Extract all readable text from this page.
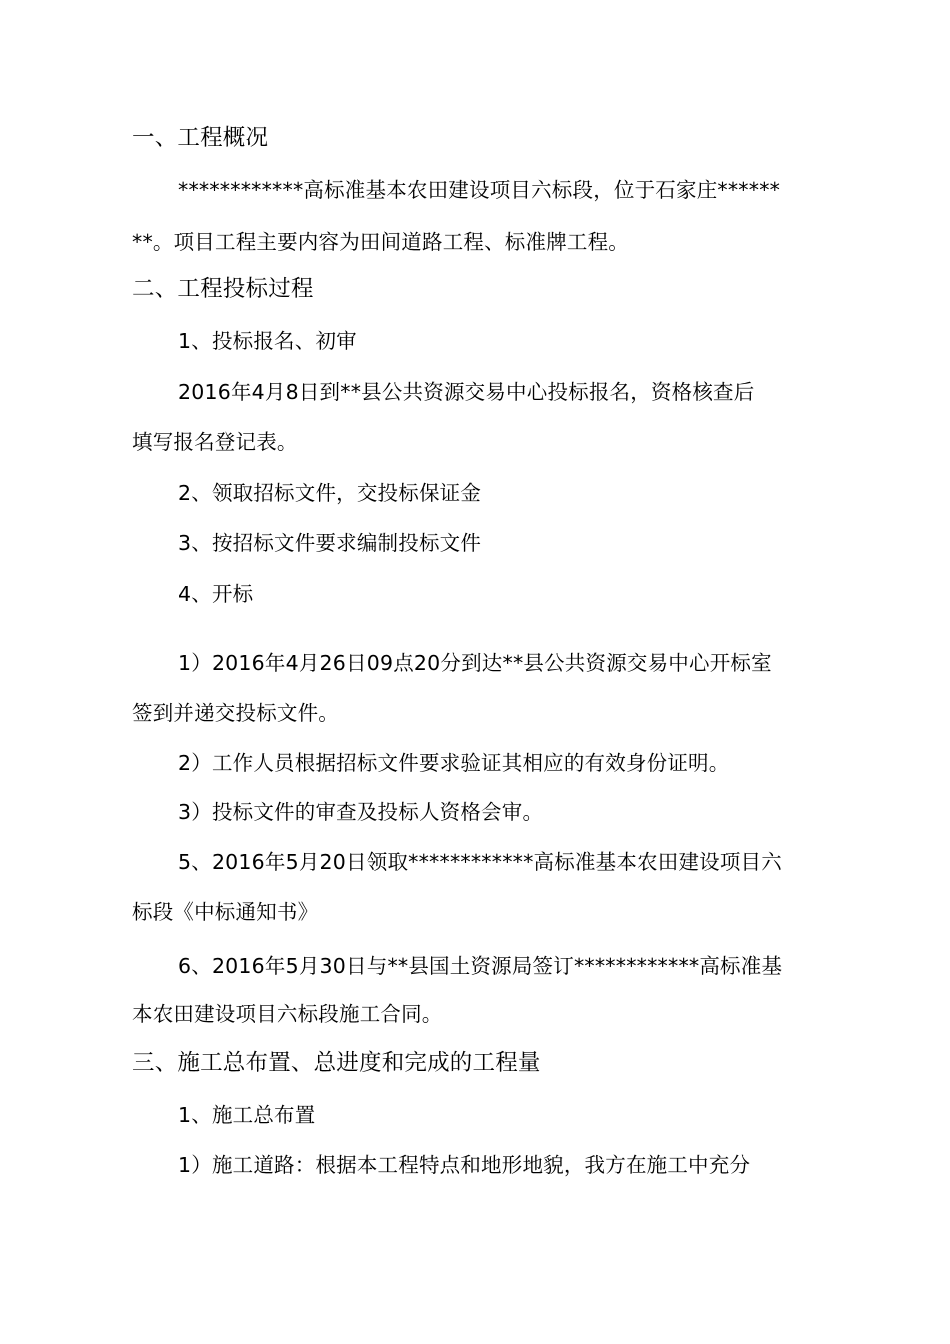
一、工程概况
************高标准基本农田建设项目六标段，位于石家庄******
**。项目工程主要内容为田间道路工程、标准牌工程。
二、工程投标过程
1、投标报名、初审
2016年4月8日到**县公共资源交易中心投标报名，资格核查后
填写报名登记表。
2、领取招标文件，交投标保证金
3、按招标文件要求编制投标文件
4、开标
1）2016年4月26日09点20分到达**县公共资源交易中心开标室
签到并递交投标文件。
2）工作人员根据招标文件要求验证其相应的有效身份证明。
3）投标文件的审查及投标人资格会审。
5、2016年5月20日领取************高标准基本农田建设项目六
标段《中标通知书》
6、2016年5月30日与**县国土资源局签订************高标准基
本农田建设项目六标段施工合同。
三、施工总布置、总进度和完成的工程量
1、施工总布置
1）施工道路：根据本工程特点和地形地貌，我方在施工中充分
